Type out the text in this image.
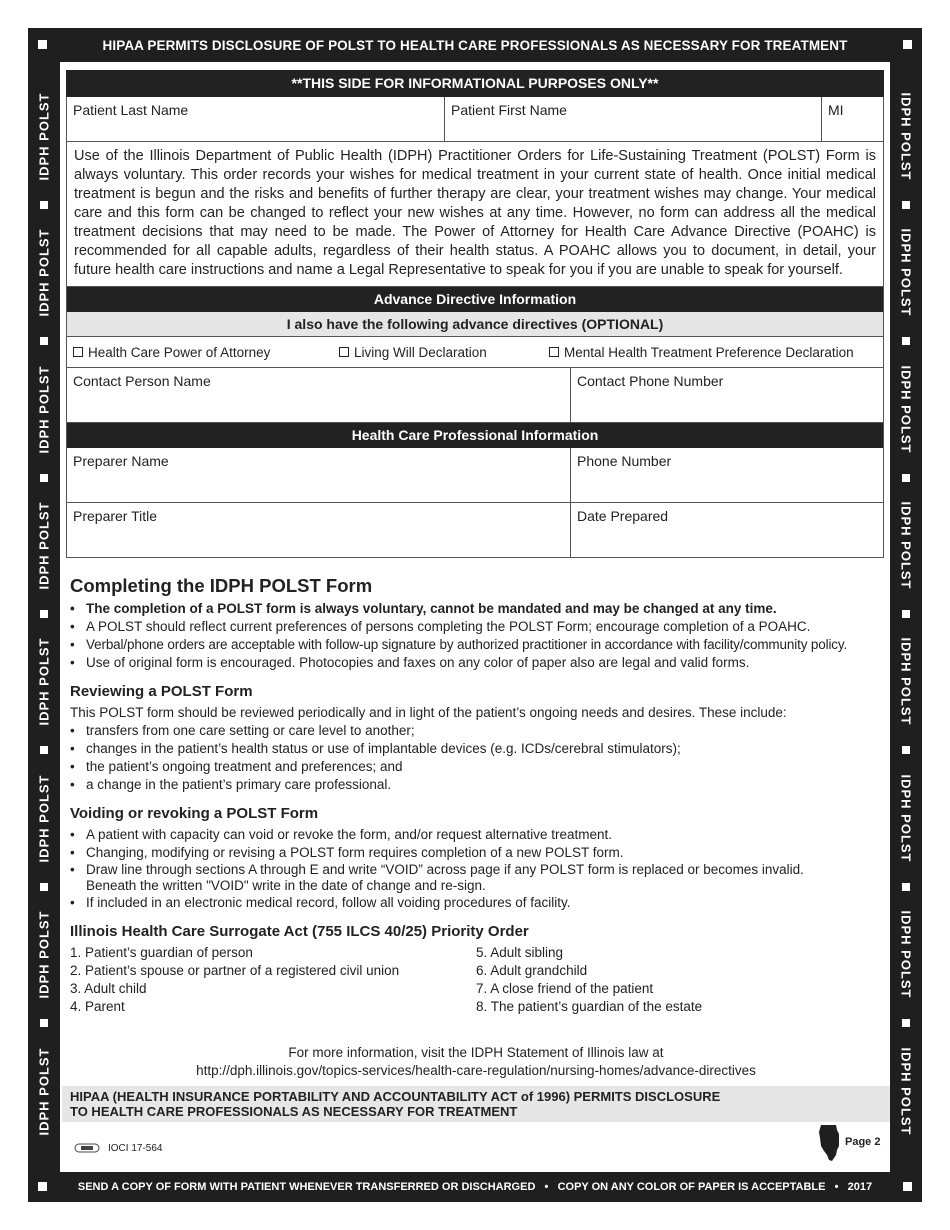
HIPAA PERMITS DISCLOSURE OF POLST TO HEALTH CARE PROFESSIONALS AS NECESSARY FOR TREATMENT
IDPH POLST
IDPH POLST
IDPH POLST
IDPH POLST
IDPH POLST
IDPH POLST
IDPH POLST
IDPH POLST
IDPH POLST
IDPH POLST
IDPH POLST
IDPH POLST
IDPH POLST
IDPH POLST
IDPH POLST
IDPH POLST
SEND A COPY OF FORM WITH PATIENT WHENEVER TRANSFERRED OR DISCHARGED   •   COPY ON ANY COLOR OF PAPER IS ACCEPTABLE   •   2017
**THIS SIDE FOR INFORMATIONAL PURPOSES ONLY**
Patient Last Name	Patient First Name	MI
Use of the Illinois Department of Public Health (IDPH) Practitioner Orders for Life-Sustaining Treatment (POLST) Form is always voluntary. This order records your wishes for medical treatment in your current state of health. Once initial medical treatment is begun and the risks and benefits of further therapy are clear, your treatment wishes may change. Your medical care and this form can be changed to reflect your new wishes at any time. However, no form can address all the medical treatment decisions that may need to be made. The Power of Attorney for Health Care Advance Directive (POAHC) is recommended for all capable adults, regardless of their health status. A POAHC allows you to document, in detail, your future health care instructions and name a Legal Representative to speak for you if you are unable to speak for yourself.
Advance Directive Information
I also have the following advance directives (OPTIONAL)
Health Care Power of Attorney	Living Will Declaration	Mental Health Treatment Preference Declaration
Contact Person Name	Contact Phone Number
Health Care Professional Information
Preparer Name	Phone Number
Preparer Title	Date Prepared
Completing the IDPH POLST Form
• The completion of a POLST form is always voluntary, cannot be mandated and may be changed at any time.
• A POLST should reflect current preferences of persons completing the POLST Form; encourage completion of a POAHC.
• Verbal/phone orders are acceptable with follow-up signature by authorized practitioner in accordance with facility/community policy.
• Use of original form is encouraged. Photocopies and faxes on any color of paper also are legal and valid forms.
Reviewing a POLST Form
This POLST form should be reviewed periodically and in light of the patient’s ongoing needs and desires. These include:
• transfers from one care setting or care level to another;
• changes in the patient’s health status or use of implantable devices (e.g. ICDs/cerebral stimulators);
• the patient’s ongoing treatment and preferences; and
• a change in the patient’s primary care professional.
Voiding or revoking a POLST Form
• A patient with capacity can void or revoke the form, and/or request alternative treatment.
• Changing, modifying or revising a POLST form requires completion of a new POLST form.
• Draw line through sections A through E and write “VOID” across page if any POLST form is replaced or becomes invalid.
Beneath the written "VOID" write in the date of change and re-sign.
• If included in an electronic medical record, follow all voiding procedures of facility.
Illinois Health Care Surrogate Act (755 ILCS 40/25) Priority Order
1. Patient’s guardian of person
2. Patient’s spouse or partner of a registered civil union
3. Adult child
4. Parent
5. Adult sibling
6. Adult grandchild
7. A close friend of the patient
8. The patient’s guardian of the estate
For more information, visit the IDPH Statement of Illinois law at
http://dph.illinois.gov/topics-services/health-care-regulation/nursing-homes/advance-directives
HIPAA (HEALTH INSURANCE PORTABILITY AND ACCOUNTABILITY ACT of 1996) PERMITS DISCLOSURE
TO HEALTH CARE PROFESSIONALS AS NECESSARY FOR TREATMENT
IOCI 17-564	Page 2
